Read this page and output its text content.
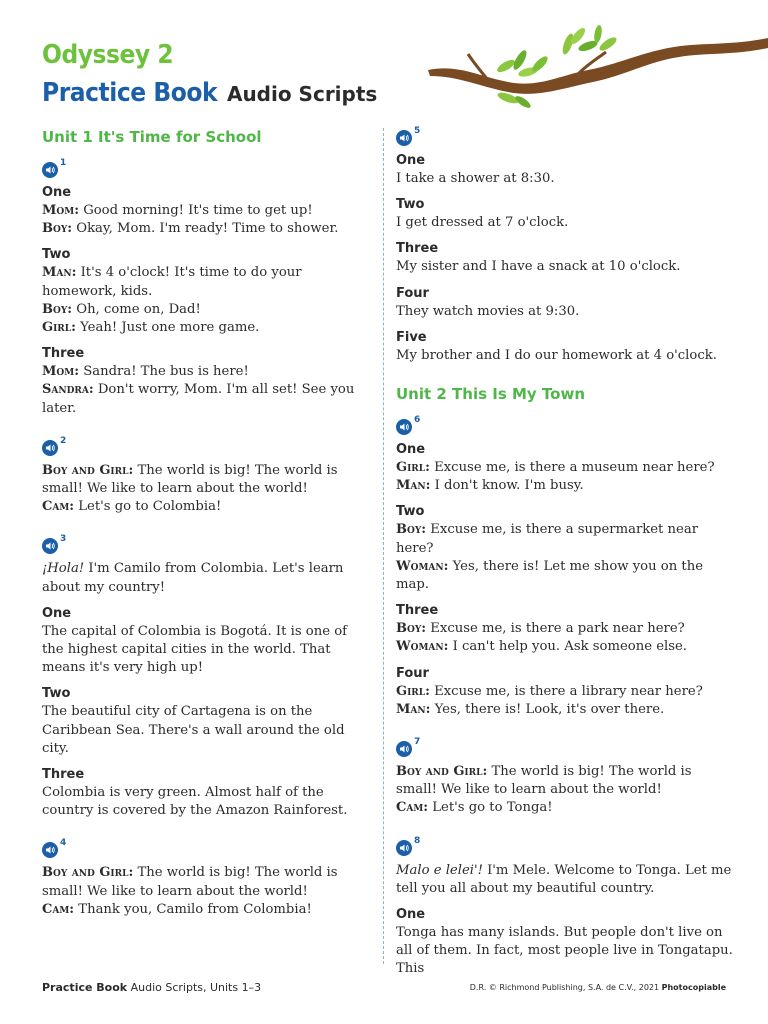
Odyssey 2
Practice Book Audio Scripts
Unit 1 It's Time for School
1

One

Mom: Good morning! It's time to get up!

Boy: Okay, Mom. I'm ready! Time to shower.

Two

Man: It's 4 o'clock! It's time to do your homework, kids.

Boy: Oh, come on, Dad!

Girl: Yeah! Just one more game.

Three

Mom: Sandra! The bus is here!

Sandra: Don't worry, Mom. I'm all set! See you later.

2

Boy and Girl: The world is big! The world is small! We like to learn about the world!

Cam: Let's go to Colombia!

3

¡Hola! I'm Camilo from Colombia. Let's learn about my country!

One

The capital of Colombia is Bogotá. It is one of the highest capital cities in the world. That means it's very high up!

Two

The beautiful city of Cartagena is on the Caribbean Sea. There's a wall around the old city.

Three

Colombia is very green. Almost half of the country is covered by the Amazon Rainforest.

4

Boy and Girl: The world is big! The world is small! We like to learn about the world!

Cam: Thank you, Camilo from Colombia!

5

One

I take a shower at 8:30.

Two

I get dressed at 7 o'clock.

Three

My sister and I have a snack at 10 o'clock.

Four

They watch movies at 9:30.

Five

My brother and I do our homework at 4 o'clock.

Unit 2 This Is My Town
6

One

Girl: Excuse me, is there a museum near here?

Man: I don't know. I'm busy.

Two

Boy: Excuse me, is there a supermarket near here?

Woman: Yes, there is! Let me show you on the map.

Three

Boy: Excuse me, is there a park near here?

Woman: I can't help you. Ask someone else.

Four

Girl: Excuse me, is there a library near here?

Man: Yes, there is! Look, it's over there.

7

Boy and Girl: The world is big! The world is small! We like to learn about the world!

Cam: Let's go to Tonga!

8

Malo e lelei'! I'm Mele. Welcome to Tonga. Let me tell you all about my beautiful country.

One

Tonga has many islands. But people don't live on all of them. In fact, most people live in Tongatapu. This

Practice Book Audio Scripts, Units 1–3	D.R. © Richmond Publishing, S.A. de C.V., 2021 Photocopiable
